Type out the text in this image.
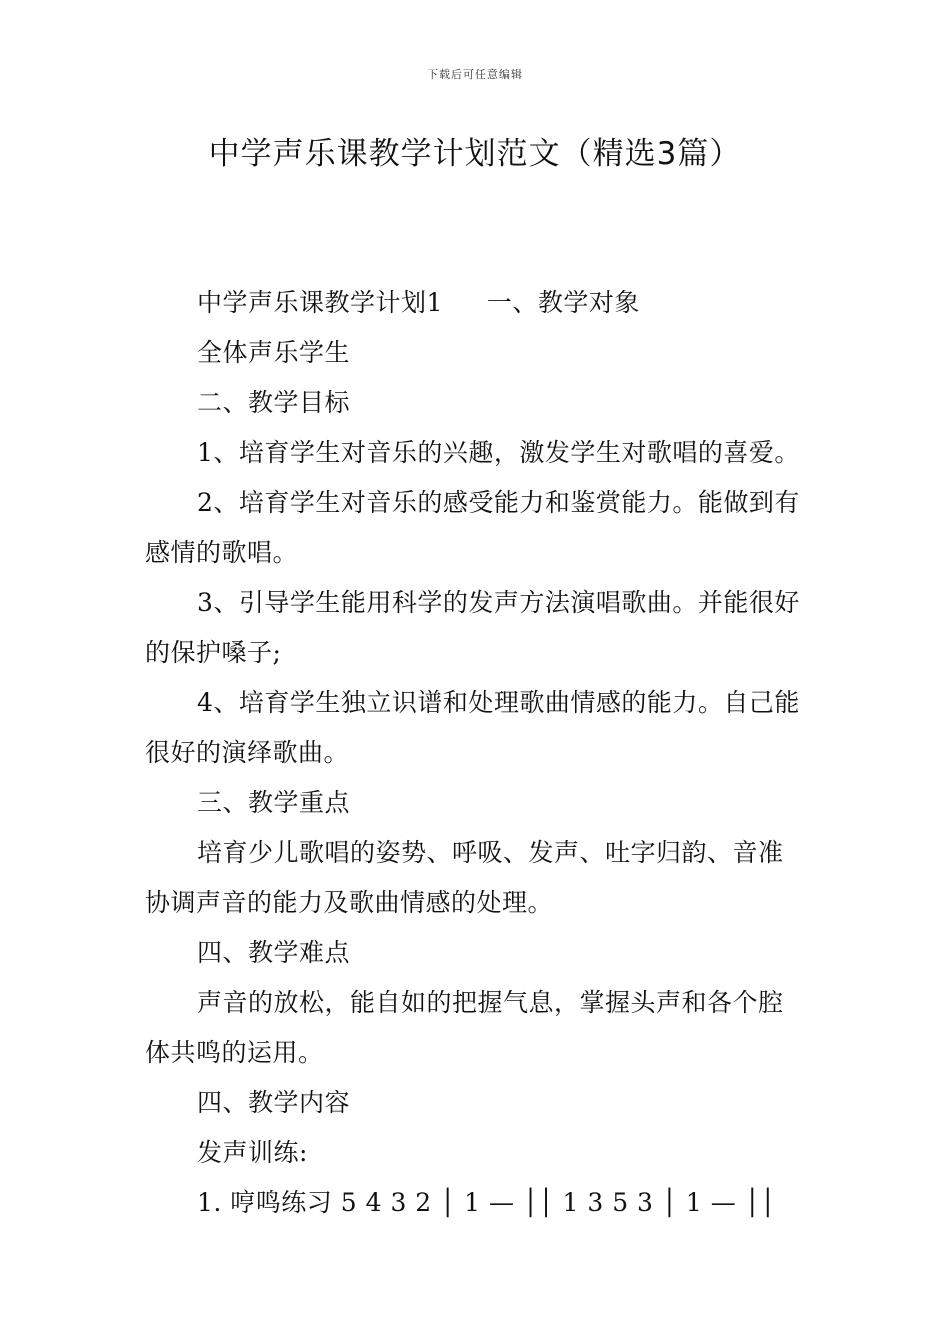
下载后可任意编辑
中学声乐课教学计划范文（精选3篇）
中学声乐课教学计划1 一、教学对象
全体声乐学生
二、教学目标
1、培育学生对音乐的兴趣，激发学生对歌唱的喜爱。
2、培育学生对音乐的感受能力和鉴赏能力。能做到有
感情的歌唱。
3、引导学生能用科学的发声方法演唱歌曲。并能很好
的保护嗓子;
4、培育学生独立识谱和处理歌曲情感的能力。自己能
很好的演绎歌曲。
三、教学重点
培育少儿歌唱的姿势、呼吸、发声、吐字归韵、音准
协调声音的能力及歌曲情感的处理。
四、教学难点
声音的放松，能自如的把握气息，掌握头声和各个腔
体共鸣的运用。
四、教学内容
发声训练:
1. 哼鸣练习 5 4 3 2 │ 1 — ││ 1 3 5 3 │ 1 — ││
